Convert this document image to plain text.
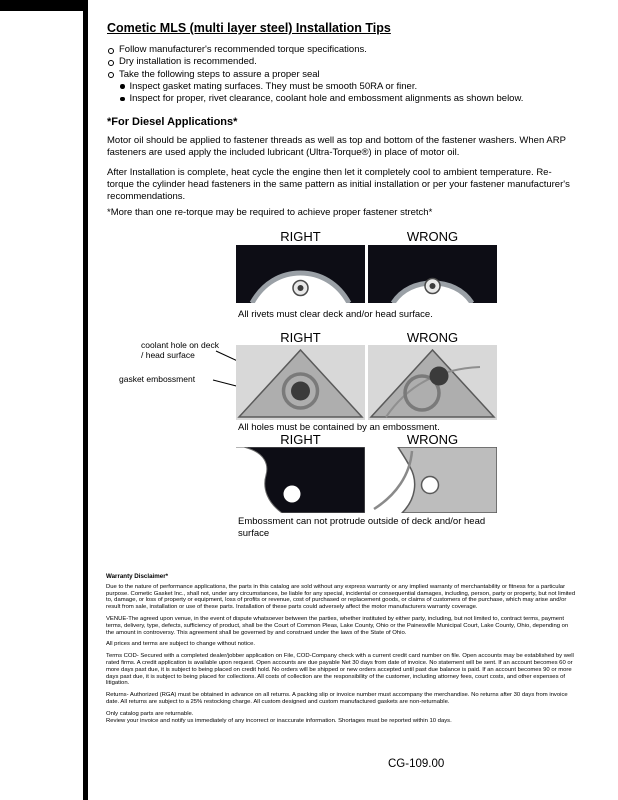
Cometic MLS (multi layer steel) Installation Tips
Follow manufacturer's recommended torque specifications.
Dry installation is recommended.
Take the following steps to assure a proper seal
Inspect gasket mating surfaces. They must be smooth 50RA or finer.
Inspect for proper, rivet clearance, coolant hole and embossment alignments as shown below.
*For Diesel Applications*

Motor oil should be applied to fastener threads as well as top and bottom of the fastener washers. When ARP fasteners are used apply the included lubricant (Ultra-Torque®) in place of motor oil.

After Installation is complete, heat cycle the engine then let it completely cool to ambient temperature. Re-torque the cylinder head fasteners in the same pattern as initial installation or per your fastener manufacturer's recommendations.

*More than one re-torque may be required to achieve proper fastener stretch*

RIGHT	WRONG
All rivets must clear deck and/or head surface.
RIGHT	WRONG
coolant hole on deck / head surface
gasket embossment
All holes must be contained by an embossment.
RIGHT	WRONG
Embossment can not protrude outside of deck and/or head surface
Warranty Disclaimer*

Due to the nature of performance applications, the parts in this catalog are sold without any express warranty or any implied warranty of merchantability or fitness for a particular purpose. Cometic Gasket Inc., shall not, under any circumstances, be liable for any special, incidental or consequential damages, including, person, party or property, but not limited to, damage, or loss of property or equipment, loss of profits or revenue, cost of purchased or replacement goods, or claims of customers of the purchase, which may arise and/or result from sale, installation or use of these parts. Installation of these parts could adversely affect the motor manufacturers warranty coverage.

VENUE-The agreed upon venue, in the event of dispute whatsoever between the parties, whether instituted by either party, including, but not limited to, contract terms, payment terms, delivery, type, defects, sufficiency of product, shall be the Court of Common Pleas, Lake County, Ohio or the Painesville Municipal Court, Lake County, Ohio, depending on the amount in controversy. This agreement shall be governed by and construed under the laws of the State of Ohio.

All prices and terms are subject to change without notice.

Terms COD- Secured with a completed dealer/jobber application on File, COD-Company check with a current credit card number on file. Open accounts may be established by well rated firms. A credit application is available upon request. Open accounts are due payable Net 30 days from date of invoice. No statement will be sent. If an account becomes 60 or more days past due, it is subject to being placed on credit hold. No orders will be shipped or new orders accepted until past due balance is paid. If an account becomes 90 or more days past due, it is subject to being placed for collections. All costs of collection are the responsibility of the customer, including attorney fees, court costs, and other expenses of litigation.

Returns- Authorized (RGA) must be obtained in advance on all returns. A packing slip or invoice number must accompany the merchandise. No returns after 30 days from invoice date. All returns are subject to a 25% restocking charge. All custom designed and custom manufactured gaskets are non-returnable.

Only catalog parts are returnable.

Review your invoice and notify us immediately of any incorrect or inaccurate information. Shortages must be reported within 10 days.

CG-109.00
